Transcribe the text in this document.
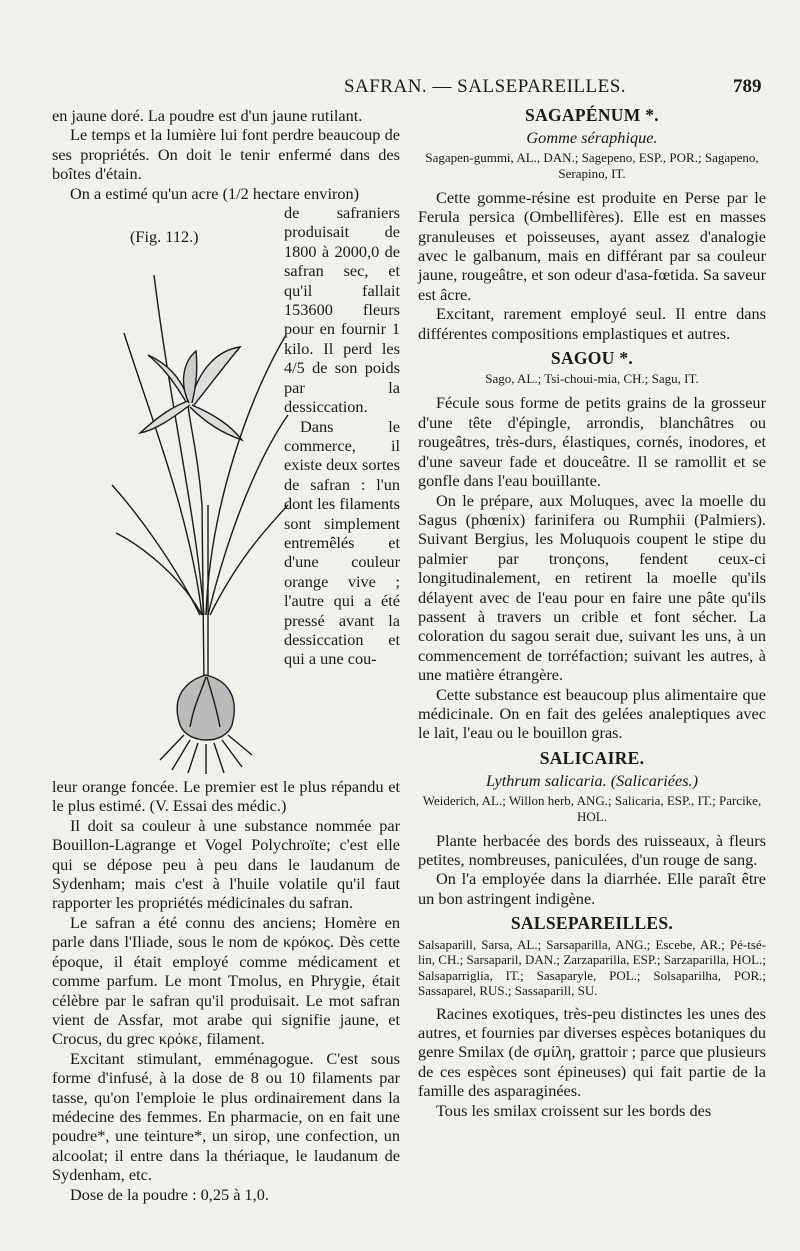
SAFRAN. — SALSEPAREILLES.	789

en jaune doré. La poudre est d'un jaune rutilant.

Le temps et la lumière lui font perdre beaucoup de ses propriétés. On doit le tenir enfermé dans des boîtes d'étain.

On a estimé qu'un acre (1/2 hectare environ)

(Fig. 112.)

de safraniers produisait de 1800 à 2000,0 de safran sec, et qu'il fallait 153600 fleurs pour en fournir 1 kilo. Il perd les 4/5 de son poids par la dessiccation.

Dans le commerce, il existe deux sortes de safran : l'un dont les filaments sont simplement entremêlés et d'une couleur orange vive ; l'autre qui a été pressé avant la dessiccation et qui a une cou-

leur orange foncée. Le premier est le plus répandu et le plus estimé. (V. Essai des médic.)

Il doit sa couleur à une substance nommée par Bouillon-Lagrange et Vogel Polychroïte; c'est elle qui se dépose peu à peu dans le laudanum de Sydenham; mais c'est à l'huile volatile qu'il faut rapporter les propriétés médicinales du safran.

Le safran a été connu des anciens; Homère en parle dans l'Iliade, sous le nom de κρόκος. Dès cette époque, il était employé comme médicament et comme parfum. Le mont Tmolus, en Phrygie, était célèbre par le safran qu'il produisait. Le mot safran vient de Assfar, mot arabe qui signifie jaune, et Crocus, du grec κρόκε, filament.

Excitant stimulant, emménagogue. C'est sous forme d'infusé, à la dose de 8 ou 10 filaments par tasse, qu'on l'emploie le plus ordinairement dans la médecine des femmes. En pharmacie, on en fait une poudre*, une teinture*, un sirop, une confection, un alcoolat; il entre dans la thériaque, le laudanum de Sydenham, etc.

Dose de la poudre : 0,25 à 1,0.

SAGAPÉNUM *.
Gomme séraphique.
Sagapen-gummi, AL., DAN.; Sagepeno, ESP., POR.; Sagapeno, Serapino, IT.

Cette gomme-résine est produite en Perse par le Ferula persica (Ombellifères). Elle est en masses granuleuses et poisseuses, ayant assez d'analogie avec le galbanum, mais en différant par sa couleur jaune, rougeâtre, et son odeur d'asa-fœtida. Sa saveur est âcre.

Excitant, rarement employé seul. Il entre dans différentes compositions emplastiques et autres.

SAGOU *.
Sago, AL.; Tsi-choui-mia, CH.; Sagu, IT.

Fécule sous forme de petits grains de la grosseur d'une tête d'épingle, arrondis, blanchâtres ou rougeâtres, très-durs, élastiques, cornés, inodores, et d'une saveur fade et douceâtre. Il se ramollit et se gonfle dans l'eau bouillante.

On le prépare, aux Moluques, avec la moelle du Sagus (phœnix) farinifera ou Rumphii (Palmiers). Suivant Bergius, les Moluquois coupent le stipe du palmier par tronçons, fendent ceux-ci longitudinalement, en retirent la moelle qu'ils délayent avec de l'eau pour en faire une pâte qu'ils passent à travers un crible et font sécher. La coloration du sagou serait due, suivant les uns, à un commencement de torréfaction; suivant les autres, à une matière étrangère.

Cette substance est beaucoup plus alimentaire que médicinale. On en fait des gelées analeptiques avec le lait, l'eau ou le bouillon gras.

SALICAIRE.
Lythrum salicaria. (Salicariées.)
Weiderich, AL.; Willon herb, ANG.; Salicaria, ESP., IT.; Parcike, HOL.

Plante herbacée des bords des ruisseaux, à fleurs petites, nombreuses, paniculées, d'un rouge de sang.

On l'a employée dans la diarrhée. Elle paraît être un bon astringent indigène.

SALSEPAREILLES.
Salsaparill, Sarsa, AL.; Sarsaparilla, ANG.; Escebe, AR.; Pé-tsé-lin, CH.; Sarsaparil, DAN.; Zarzaparilla, ESP.; Sarzaparilla, HOL.; Salsaparriglia, IT.; Sasaparyle, POL.; Solsaparilha, POR.; Sassaparel, RUS.; Sassaparill, SU.

Racines exotiques, très-peu distinctes les unes des autres, et fournies par diverses espèces botaniques du genre Smilax (de σμίλη, grattoir ; parce que plusieurs de ces espèces sont épineuses) qui fait partie de la famille des asparaginées.

Tous les smilax croissent sur les bords des
